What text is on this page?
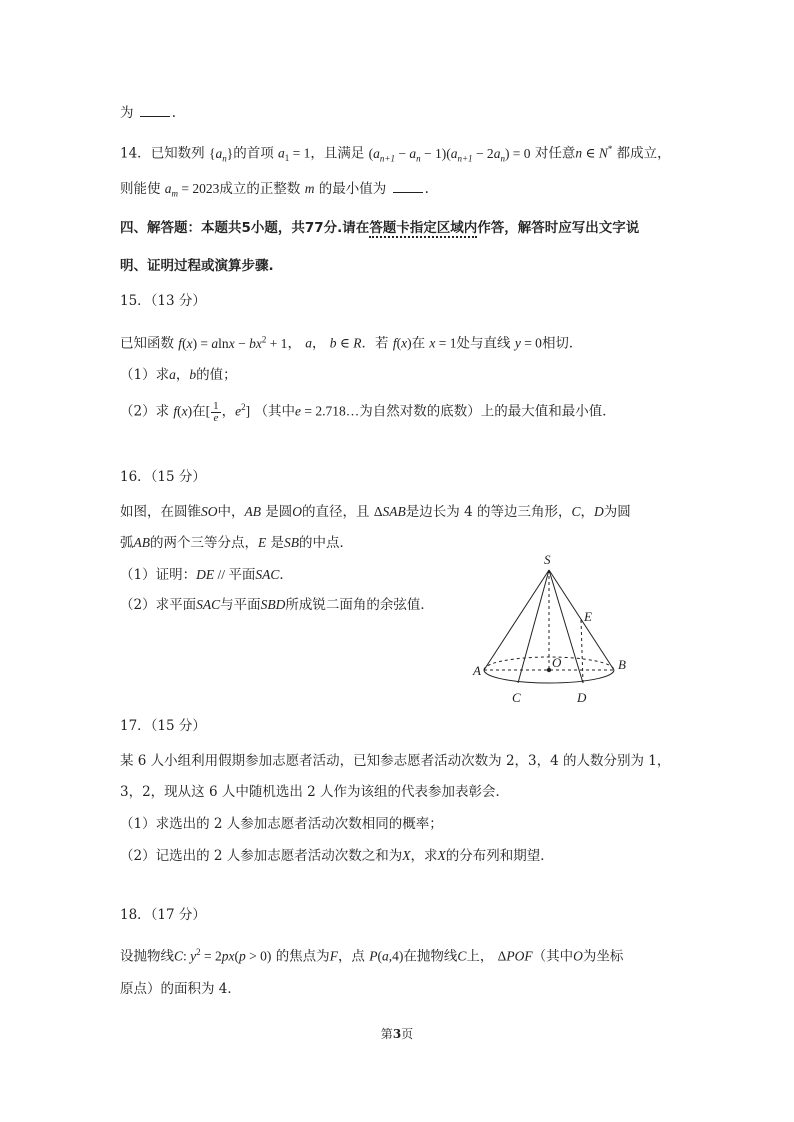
为	.
14．已知数列 $\{a_n\}$的首项 $a_1 = 1$，且满足 $(a_{n+1} - a_n - 1)(a_{n+1} - 2a_n) = 0$ 对任意n ∈ N* 都成立，
则能使 $a_m = 2023$成立的正整数 m 的最小值为	.
四、解答题：本题共5小题，共77分.请在答题卡指定区域内作答，解答时应写出文字说
明、证明过程或演算步骤.
15．（13 分）
已知函数 $f(x) = alnx - bx^2 + 1$， a， b ∈ R．若 f(x)在 x = 1处与直线 y = 0相切．
（1）求a，b的值；
（2）求 f(x)在[ $\frac{1}{e}$ ，$e^2$] （其中e = 2.718…为自然对数的底数）上的最大值和最小值．
16．（15 分）
如图，在圆锥SO中，AB 是圆O的直径，且 ΔSAB是边长为 4 的等边三角形，C，D为圆
弧AB的两个三等分点，E 是SB的中点．
（1）证明：DE // 平面SAC．
（2）求平面SAC与平面SBD所成锐二面角的余弦值．
S
E
O
A	B
C	D
17．（15 分）
某 6 人小组利用假期参加志愿者活动，已知参志愿者活动次数为 2，3，4 的人数分别为 1，
3，2，现从这 6 人中随机选出 2 人作为该组的代表参加表彰会．
（1）求选出的 2 人参加志愿者活动次数相同的概率；
（2）记选出的 2 人参加志愿者活动次数之和为X，求X的分布列和期望．
18．（17 分）
设抛物线C: $y^2 = 2px(p > 0)$ 的焦点为F，点 P(a,4)在抛物线C上， ΔPOF（其中O为坐标
原点）的面积为 4．
第3页
